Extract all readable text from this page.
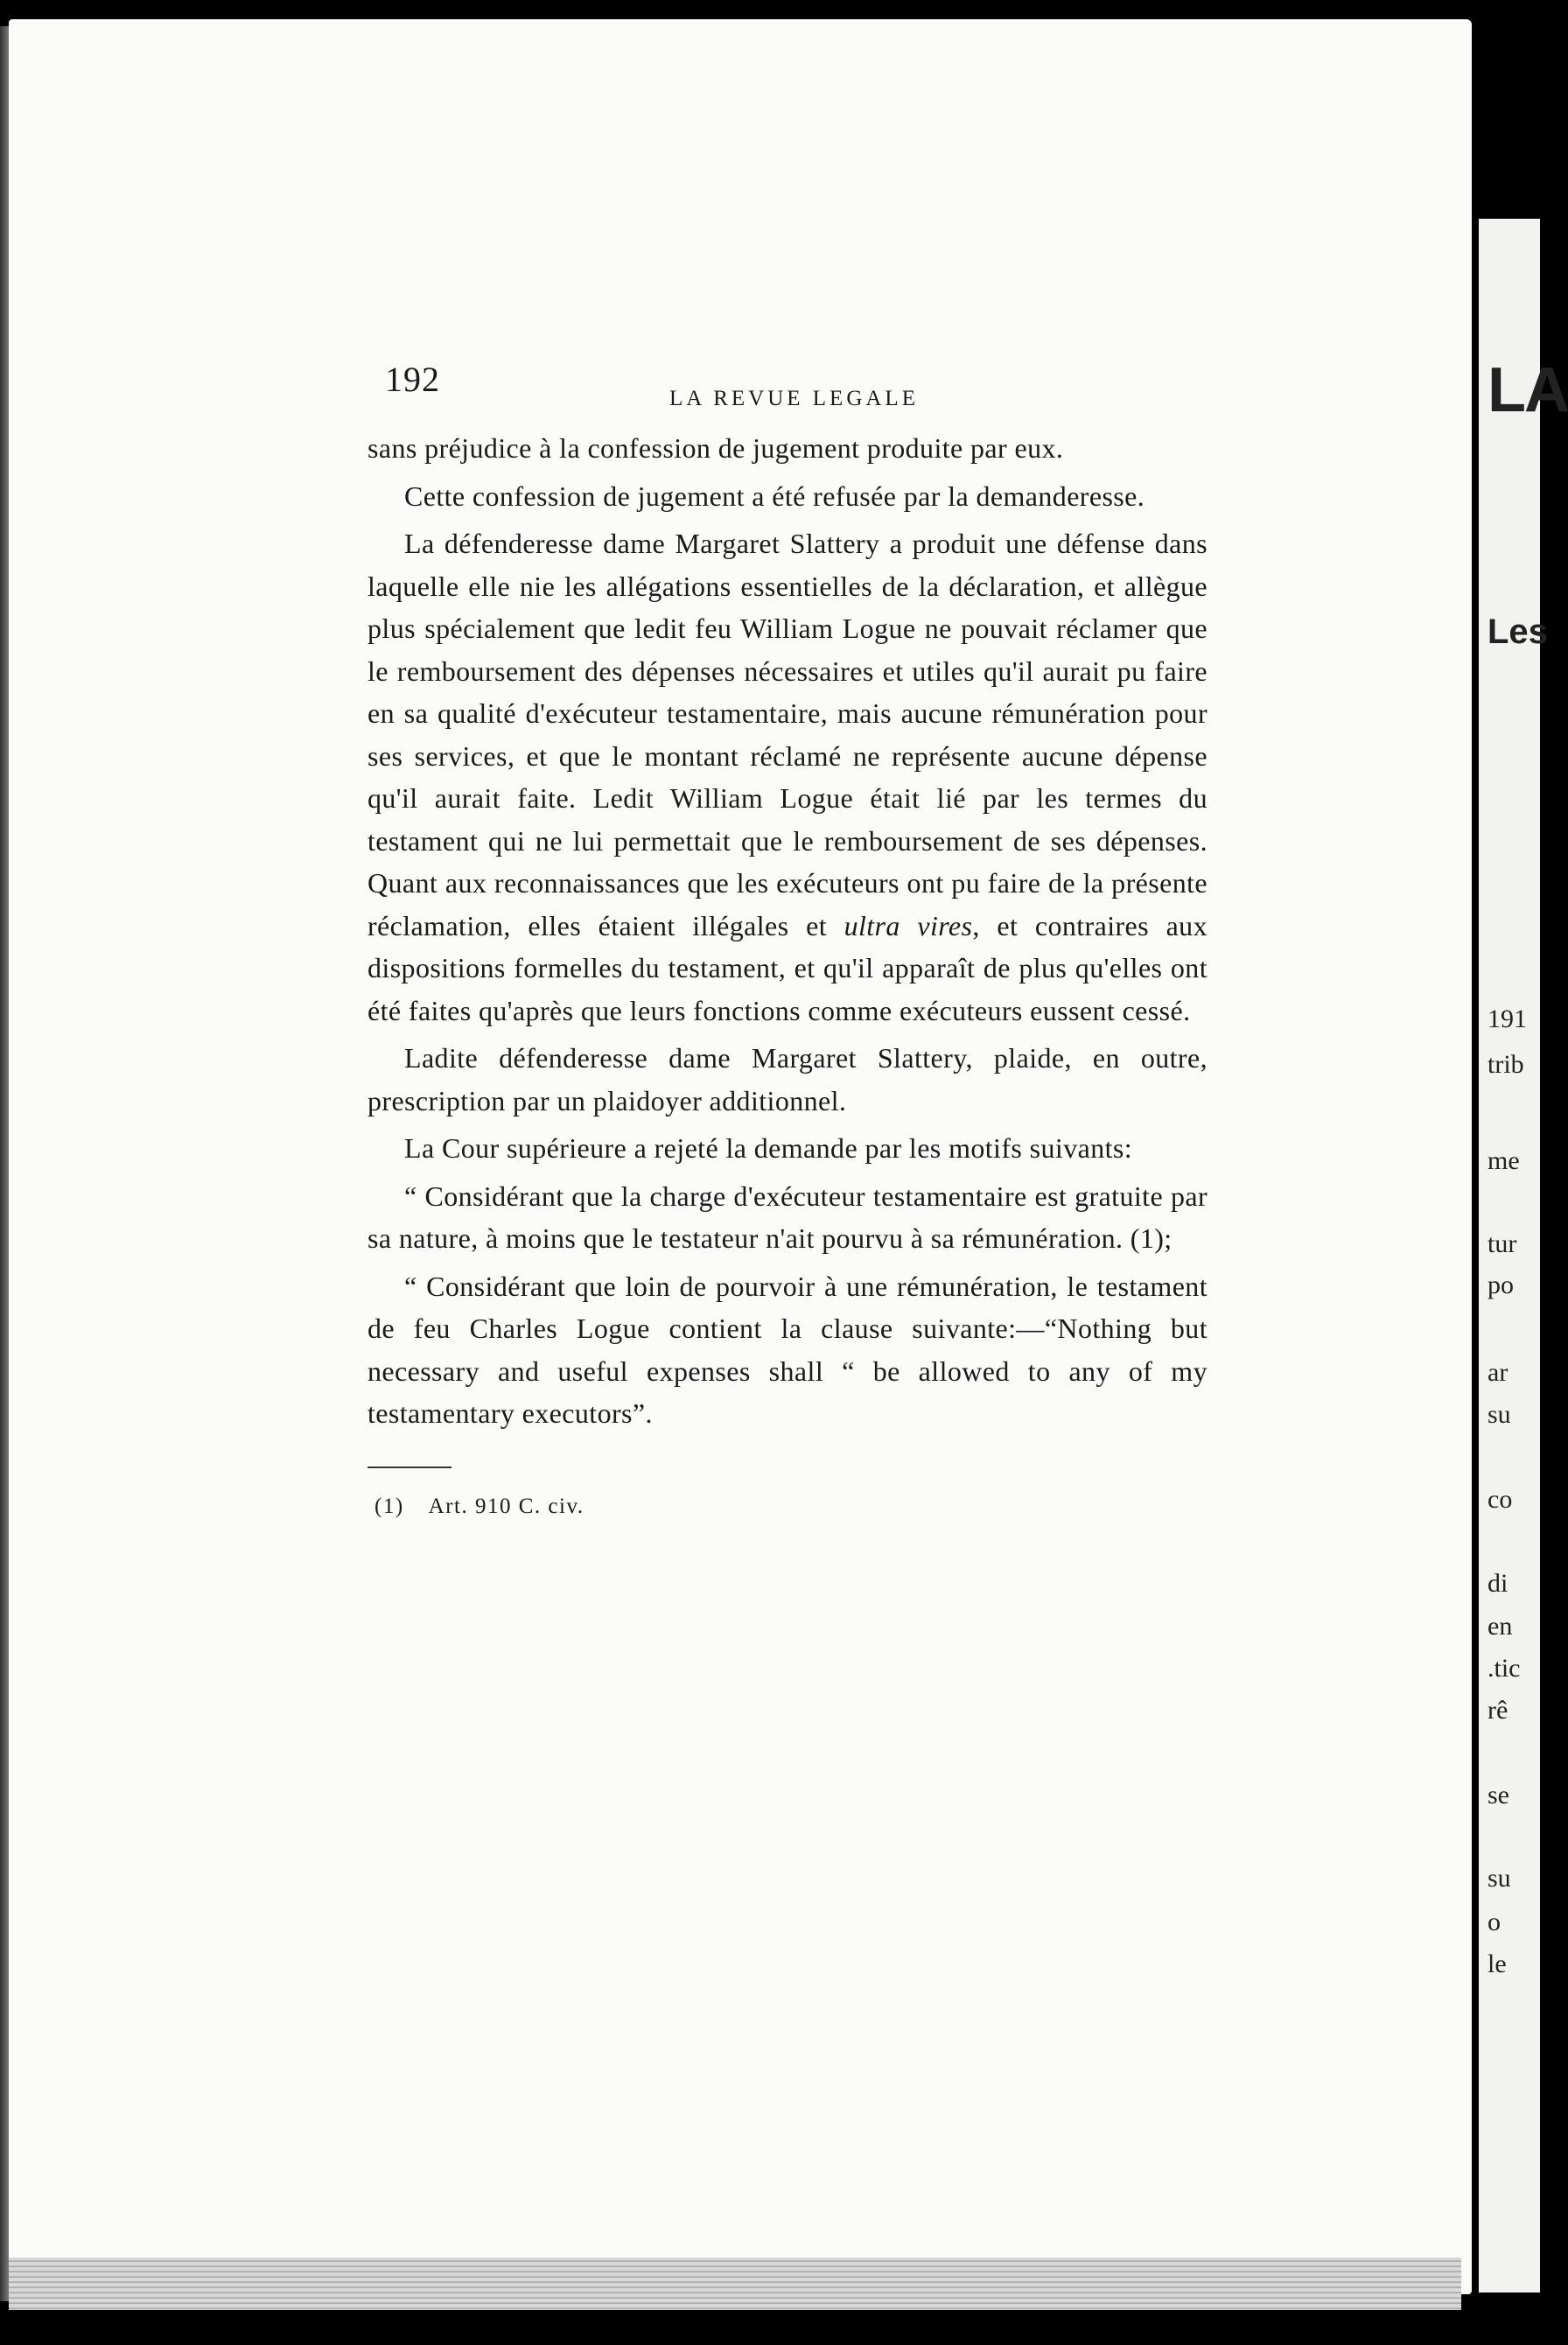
LA
Les
191
trib
me
tur
po
ar
su
co
di
en
.tic
rê
se
su
o
le
192	LA REVUE LEGALE

sans préjudice à la confession de jugement produite par eux.

Cette confession de jugement a été refusée par la demanderesse.

La défenderesse dame Margaret Slattery a produit une défense dans laquelle elle nie les allégations essentielles de la déclaration, et allègue plus spécialement que ledit feu William Logue ne pouvait réclamer que le remboursement des dépenses nécessaires et utiles qu'il aurait pu faire en sa qualité d'exécuteur testamentaire, mais aucune rémunération pour ses services, et que le montant réclamé ne représente aucune dépense qu'il aurait faite. Ledit William Logue était lié par les termes du testament qui ne lui permettait que le remboursement de ses dépenses. Quant aux reconnaissances que les exécuteurs ont pu faire de la présente réclamation, elles étaient illégales et ultra vires, et contraires aux dispositions formelles du testament, et qu'il apparaît de plus qu'elles ont été faites qu'après que leurs fonctions comme exécuteurs eussent cessé.

Ladite défenderesse dame Margaret Slattery, plaide, en outre, prescription par un plaidoyer additionnel.

La Cour supérieure a rejeté la demande par les motifs suivants:

“ Considérant que la charge d'exécuteur testamentaire est gratuite par sa nature, à moins que le testateur n'ait pourvu à sa rémunération. (1);

“ Considérant que loin de pourvoir à une rémunération, le testament de feu Charles Logue contient la clause suivante:—“Nothing but necessary and useful expenses shall “ be allowed to any of my testamentary executors”.

(1) Art. 910 C. civ.
